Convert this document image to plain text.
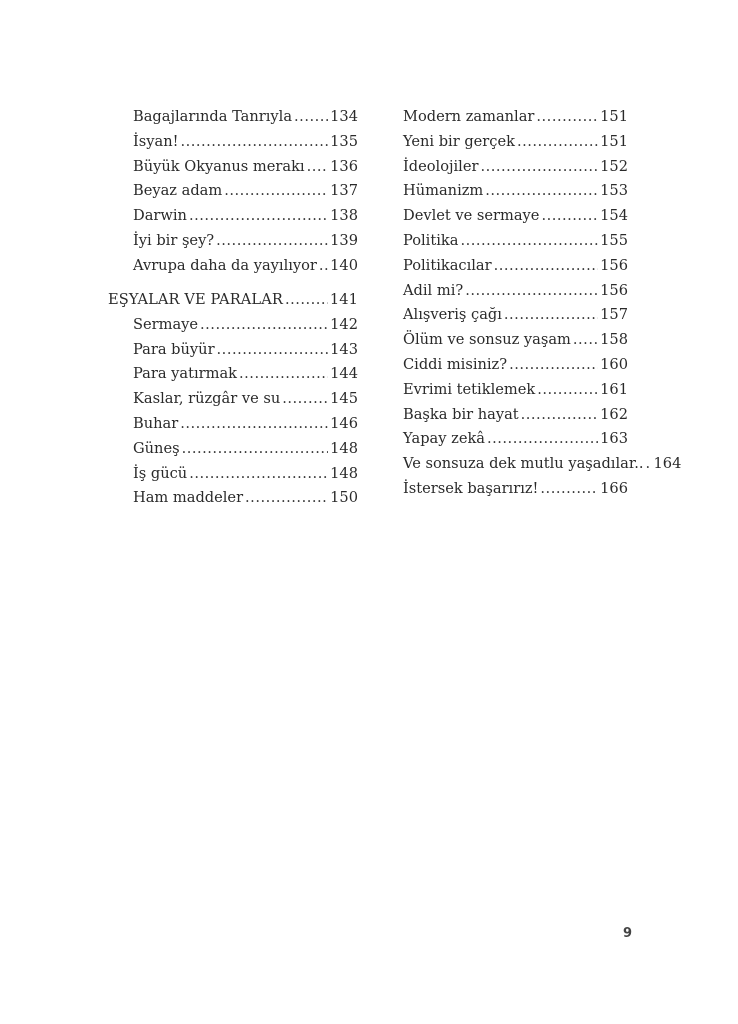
Bagajlarında Tanrıyla .....	134
İsyan! .....	135
Büyük Okyanus merakı ..... 136
Beyaz adam .....	137
Darwin .....	138
İyi bir şey? .....	139
Avrupa daha da yayılıyor ..... 140
EŞYALAR VE PARALAR .....	141
Sermaye .....	142
Para büyür .....	143
Para yatırmak .....	144
Kaslar, rüzgâr ve su .....	145
Buhar .....	146
Güneş .....	148
İş gücü .....	148
Ham maddeler .....	150
Modern zamanlar .....	151
Yeni bir gerçek .....	151
İdeolojiler .....	152
Hümanizm .....	153
Devlet ve sermaye .....	154
Politika .....	155
Politikacılar .....	156
Adil mi? .....	156
Alışveriş çağı .....	157
Ölüm ve sonsuz yaşam ..... 158
Ciddi misiniz? .....	160
Evrimi tetiklemek .....	161
Başka bir hayat .....	162
Yapay zekâ .....	163
Ve sonsuza dek mutlu yaşadılar.. ..... 164
İstersek başarırız! .....	166
9
